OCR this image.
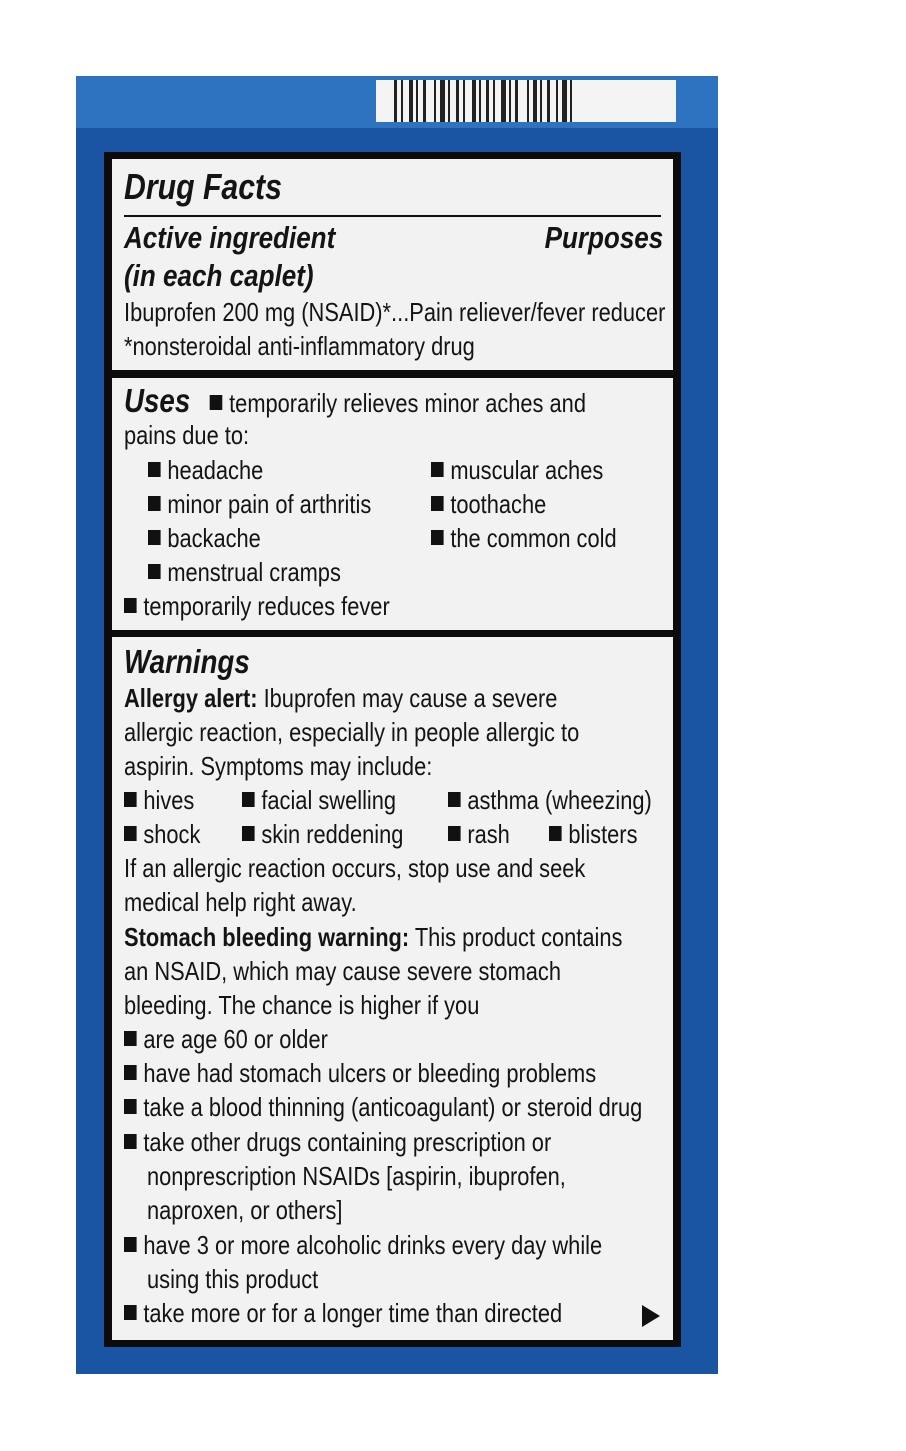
Drug Facts
Active ingredient
(in each caplet)
Purposes
Ibuprofen 200 mg (NSAID)*...Pain reliever/fever reducer
*nonsteroidal anti-inflammatory drug
Uses temporarily relieves minor aches and
pains due to:
headache
minor pain of arthritis
backache
menstrual cramps
muscular aches
toothache
the common cold
temporarily reduces fever
Warnings
Allergy alert: Ibuprofen may cause a severe
allergic reaction, especially in people allergic to
aspirin. Symptoms may include:
hives	facial swelling	asthma (wheezing)
shock	skin reddening	rash	blisters
If an allergic reaction occurs, stop use and seek
medical help right away.
Stomach bleeding warning: This product contains
an NSAID, which may cause severe stomach
bleeding. The chance is higher if you
are age 60 or older
have had stomach ulcers or bleeding problems
take a blood thinning (anticoagulant) or steroid drug
take other drugs containing prescription or
nonprescription NSAIDs [aspirin, ibuprofen,
naproxen, or others]
have 3 or more alcoholic drinks every day while
using this product
take more or for a longer time than directed
